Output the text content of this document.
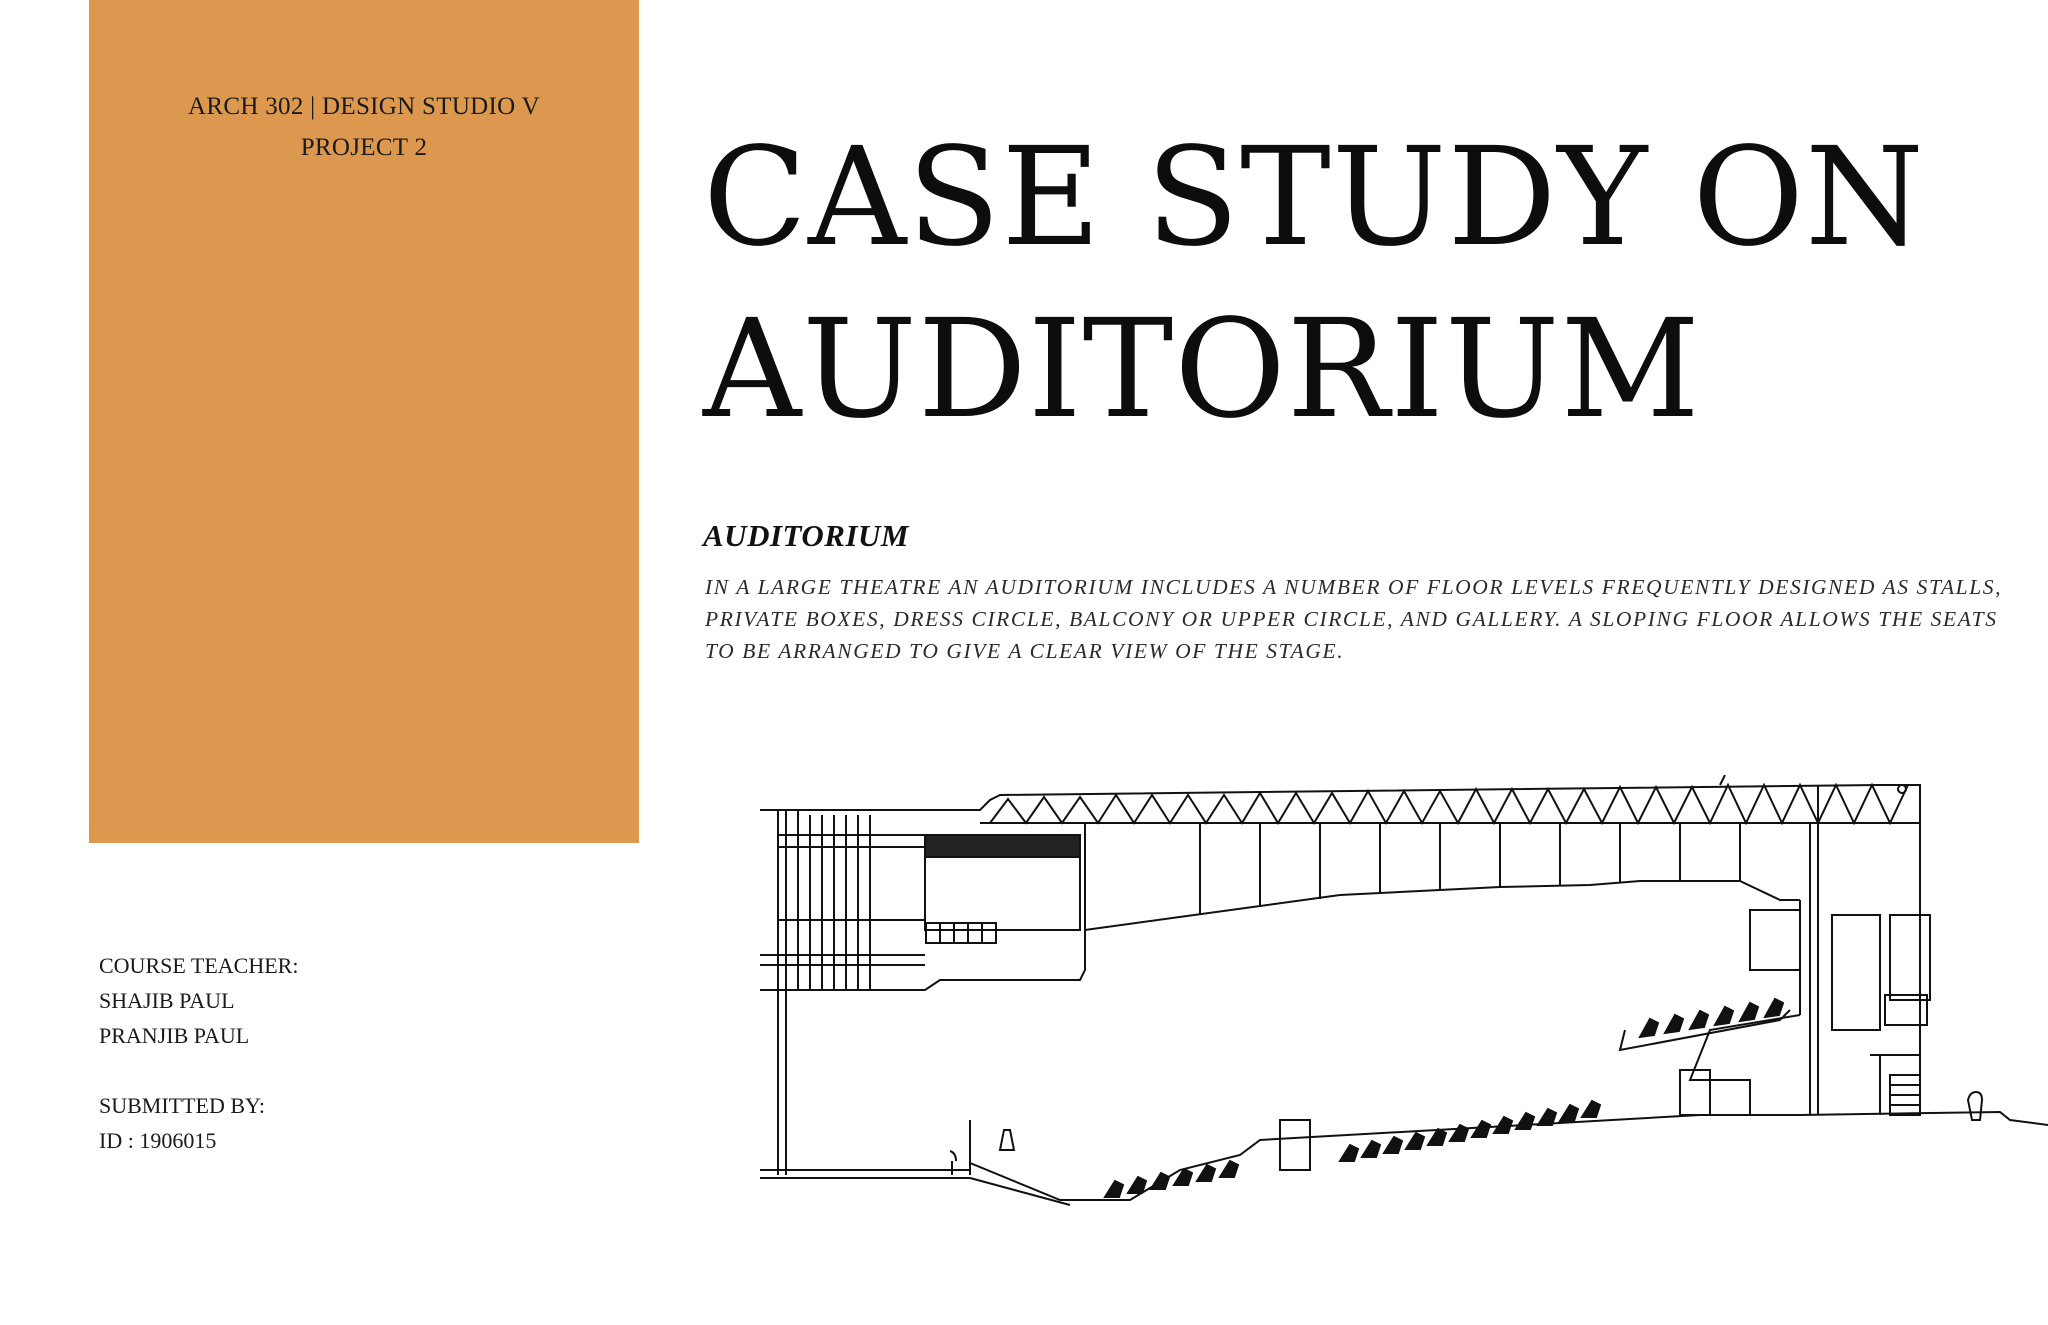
ARCH 302 | DESIGN STUDIO V
PROJECT 2	CASE STUDY ON
AUDITORIUM
AUDITORIUM
IN A LARGE THEATRE AN AUDITORIUM INCLUDES A NUMBER OF FLOOR LEVELS FREQUENTLY DESIGNED AS STALLS, PRIVATE BOXES, DRESS CIRCLE, BALCONY OR UPPER CIRCLE, AND GALLERY. A SLOPING FLOOR ALLOWS THE SEATS TO BE ARRANGED TO GIVE A CLEAR VIEW OF THE STAGE.
COURSE TEACHER:
SHAJIB PAUL
PRANJIB PAUL
SUBMITTED BY:
ID : 1906015
